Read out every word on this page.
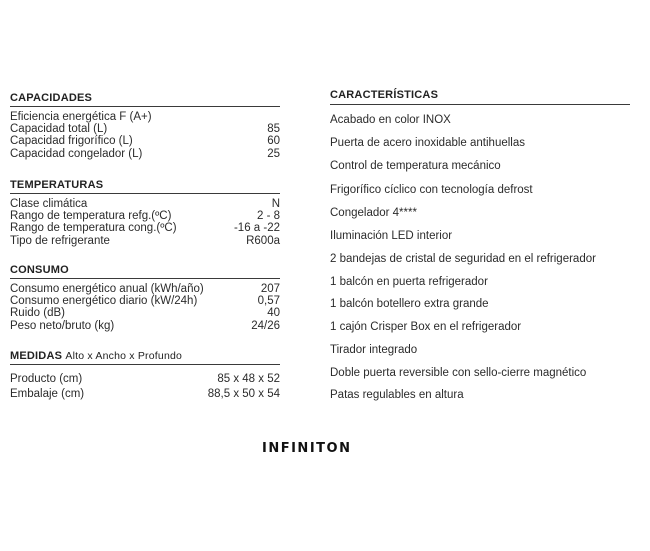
CAPACIDADES
Eficiencia energética F (A+)
Capacidad total (L)	85
Capacidad frigorífico (L)	60
Capacidad congelador (L)	25
TEMPERATURAS
Clase climática	N
Rango de temperatura refg.(ºC)	2 - 8
Rango de temperatura cong.(ºC)	-16 a -22
Tipo de refrigerante	R600a
CONSUMO
Consumo energético anual (kWh/año)	207
Consumo energético diario (kW/24h)	0,57
Ruido (dB)	40
Peso neto/bruto (kg)	24/26
MEDIDAS Alto x Ancho x Profundo
Producto (cm)	85 x 48 x 52
Embalaje (cm)	88,5 x 50 x 54
CARACTERÍSTICAS
Acabado en color INOX
Puerta de acero inoxidable antihuellas
Control de temperatura mecánico
Frigorífico cíclico con tecnología defrost
Congelador 4****
Iluminación LED interior
2 bandejas de cristal de seguridad en el refrigerador
1 balcón en puerta refrigerador
1 balcón botellero extra grande
1 cajón Crisper Box en el refrigerador
Tirador integrado
Doble puerta reversible con sello-cierre magnético
Patas regulables en altura
INFINITON
